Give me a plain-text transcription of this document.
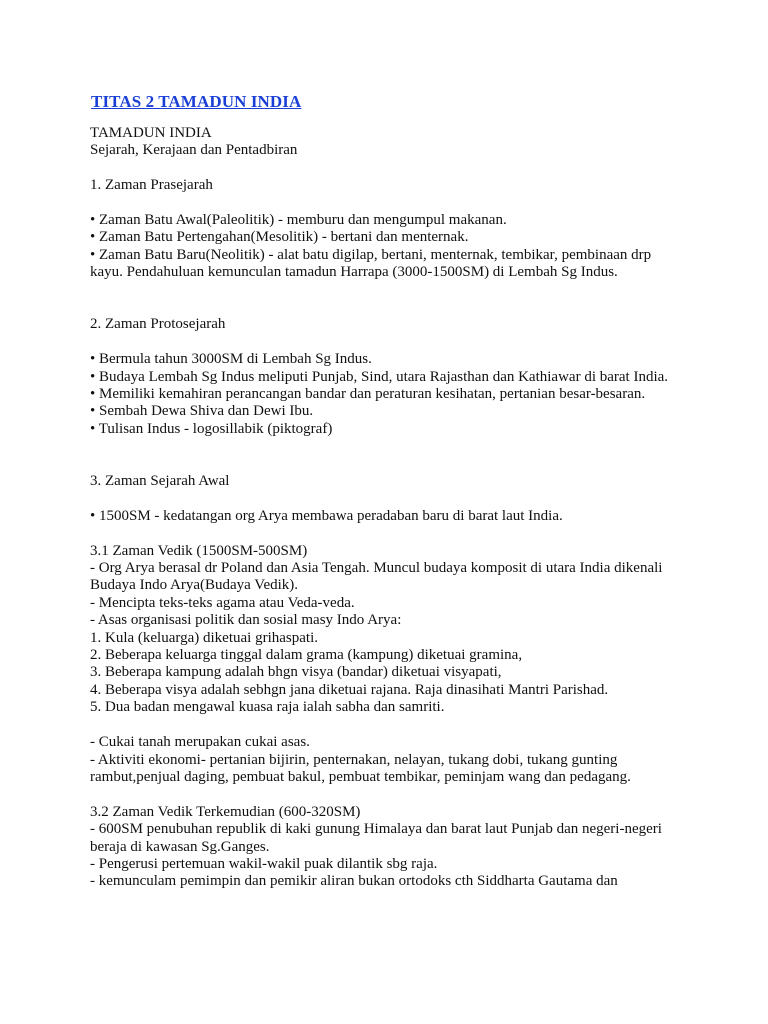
TITAS 2 TAMADUN INDIA

TAMADUN INDIA

Sejarah, Kerajaan dan Pentadbiran

1. Zaman Prasejarah

• Zaman Batu Awal(Paleolitik) - memburu dan mengumpul makanan.

• Zaman Batu Pertengahan(Mesolitik) - bertani dan menternak.

• Zaman Batu Baru(Neolitik) - alat batu digilap, bertani, menternak, tembikar, pembinaan drp

kayu. Pendahuluan kemunculan tamadun Harrapa (3000-1500SM) di Lembah Sg Indus.

2. Zaman Protosejarah

• Bermula tahun 3000SM di Lembah Sg Indus.

• Budaya Lembah Sg Indus meliputi Punjab, Sind, utara Rajasthan dan Kathiawar di barat India.

• Memiliki kemahiran perancangan bandar dan peraturan kesihatan, pertanian besar-besaran.

• Sembah Dewa Shiva dan Dewi Ibu.

• Tulisan Indus - logosillabik (piktograf)

3. Zaman Sejarah Awal

• 1500SM - kedatangan org Arya membawa peradaban baru di barat laut India.

3.1 Zaman Vedik (1500SM-500SM)

- Org Arya berasal dr Poland dan Asia Tengah. Muncul budaya komposit di utara India dikenali

Budaya Indo Arya(Budaya Vedik).

- Mencipta teks-teks agama atau Veda-veda.

- Asas organisasi politik dan sosial masy Indo Arya:

1. Kula (keluarga) diketuai grihaspati.

2. Beberapa keluarga tinggal dalam grama (kampung) diketuai gramina,

3. Beberapa kampung adalah bhgn visya (bandar) diketuai visyapati,

4. Beberapa visya adalah sebhgn jana diketuai rajana. Raja dinasihati Mantri Parishad.

5. Dua badan mengawal kuasa raja ialah sabha dan samriti.

- Cukai tanah merupakan cukai asas.

- Aktiviti ekonomi- pertanian bijirin, penternakan, nelayan, tukang dobi, tukang gunting

rambut,penjual daging, pembuat bakul, pembuat tembikar, peminjam wang dan pedagang.

3.2 Zaman Vedik Terkemudian (600-320SM)

- 600SM penubuhan republik di kaki gunung Himalaya dan barat laut Punjab dan negeri-negeri

beraja di kawasan Sg.Ganges.

- Pengerusi pertemuan wakil-wakil puak dilantik sbg raja.

- kemunculam pemimpin dan pemikir aliran bukan ortodoks cth Siddharta Gautama dan
